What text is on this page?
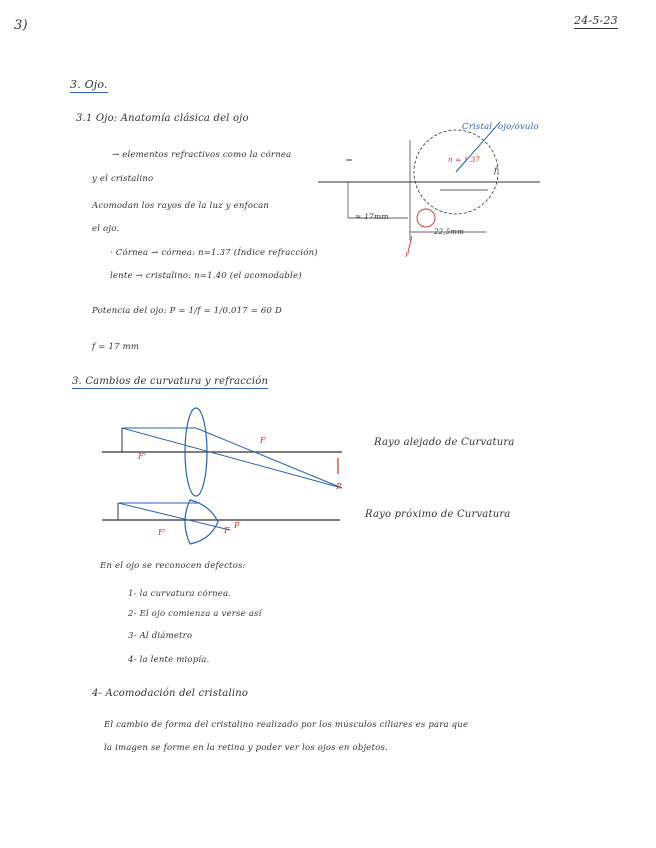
3)	24-5-23
3. Ojo.
3.1 Ojo: Anatomía clásica del ojo
→ elementos refractivos como la córnea
y el cristalino
Acomodan los rayos de la luz y enfocan
el ojo.
· Córnea → córnea: n=1.37 (Índice refracción)
lente → cristalino: n=1.40 (el acomodable)
Potencia del ojo: P = 1/f = 1/0.017 = 60 D
f = 17 mm
Cristal. ojo/óvulo
n ≈ 1.37
f
≈ 17mm
22,5mm
r
3. Cambios de curvatura y refracción
F
F'
P
Rayo alejado de Curvatura
F'	F
P
Rayo próximo de Curvatura
En el ojo se reconocen defectos:
1- la curvatura córnea.
2- El ojo comienza a verse así
3- Al diámetro
4- la lente miopía.
4- Acomodación del cristalino
El cambio de forma del cristalino realizado por los músculos ciliares es para que
la imagen se forme en la retina y poder ver los ojos en objetos.
